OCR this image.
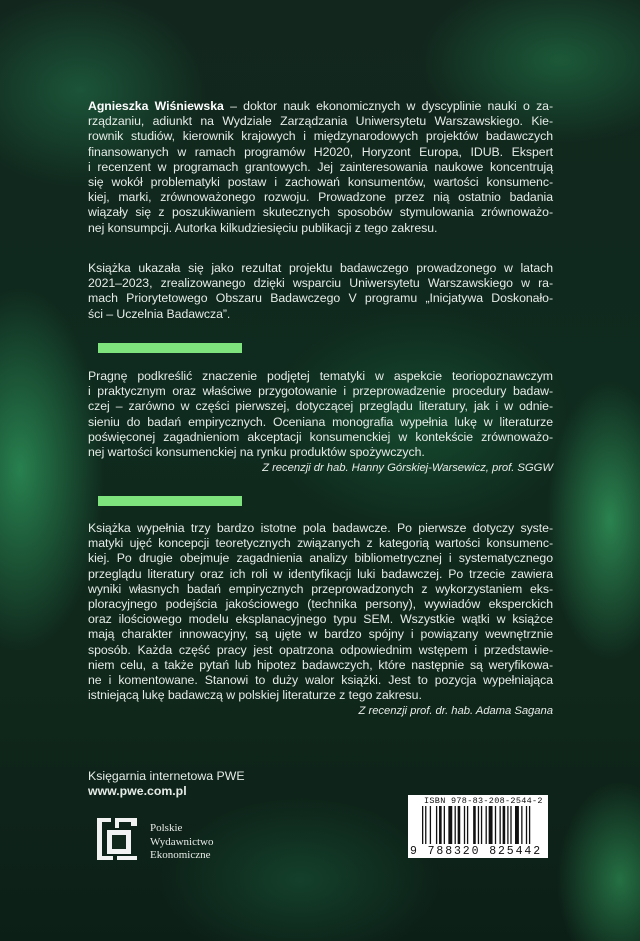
Agnieszka Wiśniewska – doktor nauk ekonomicznych w dyscyplinie nauki o za-
rządzaniu, adiunkt na Wydziale Zarządzania Uniwersytetu Warszawskiego. Kie-
rownik studiów, kierownik krajowych i międzynarodowych projektów badawczych
finansowanych w ramach programów H2020, Horyzont Europa, IDUB. Ekspert
i recenzent w programach grantowych. Jej zainteresowania naukowe koncentrują
się wokół problematyki postaw i zachowań konsumentów, wartości konsumenc-
kiej, marki, zrównoważonego rozwoju. Prowadzone przez nią ostatnio badania
wiązały się z poszukiwaniem skutecznych sposobów stymulowania zrównoważo-
nej konsumpcji. Autorka kilkudziesięciu publikacji z tego zakresu.
Książka ukazała się jako rezultat projektu badawczego prowadzonego w latach
2021–2023, zrealizowanego dzięki wsparciu Uniwersytetu Warszawskiego w ra-
mach Priorytetowego Obszaru Badawczego V programu „Inicjatywa Doskonało-
ści – Uczelnia Badawcza”.
Pragnę podkreślić znaczenie podjętej tematyki w aspekcie teoriopoznawczym
i praktycznym oraz właściwe przygotowanie i przeprowadzenie procedury badaw-
czej – zarówno w części pierwszej, dotyczącej przeglądu literatury, jak i w odnie-
sieniu do badań empirycznych. Oceniana monografia wypełnia lukę w literaturze
poświęconej zagadnieniom akceptacji konsumenckiej w kontekście zrównoważo-
nej wartości konsumenckiej na rynku produktów spożywczych.
Z recenzji dr hab. Hanny Górskiej-Warsewicz, prof. SGGW
Książka wypełnia trzy bardzo istotne pola badawcze. Po pierwsze dotyczy syste-
matyki ujęć koncepcji teoretycznych związanych z kategorią wartości konsumenc-
kiej. Po drugie obejmuje zagadnienia analizy bibliometrycznej i systematycznego
przeglądu literatury oraz ich roli w identyfikacji luki badawczej. Po trzecie zawiera
wyniki własnych badań empirycznych przeprowadzonych z wykorzystaniem eks-
ploracyjnego podejścia jakościowego (technika persony), wywiadów eksperckich
oraz ilościowego modelu eksplanacyjnego typu SEM. Wszystkie wątki w książce
mają charakter innowacyjny, są ujęte w bardzo spójny i powiązany wewnętrznie
sposób. Każda część pracy jest opatrzona odpowiednim wstępem i przedstawie-
niem celu, a także pytań lub hipotez badawczych, które następnie są weryfikowa-
ne i komentowane. Stanowi to duży walor książki. Jest to pozycja wypełniająca
istniejącą lukę badawczą w polskiej literaturze z tego zakresu.
Z recenzji prof. dr. hab. Adama Sagana
Księgarnia internetowa PWE
www.pwe.com.pl
Polskie
Wydawnictwo
Ekonomiczne
ISBN 978-83-208-2544-2
9 788320 825442
